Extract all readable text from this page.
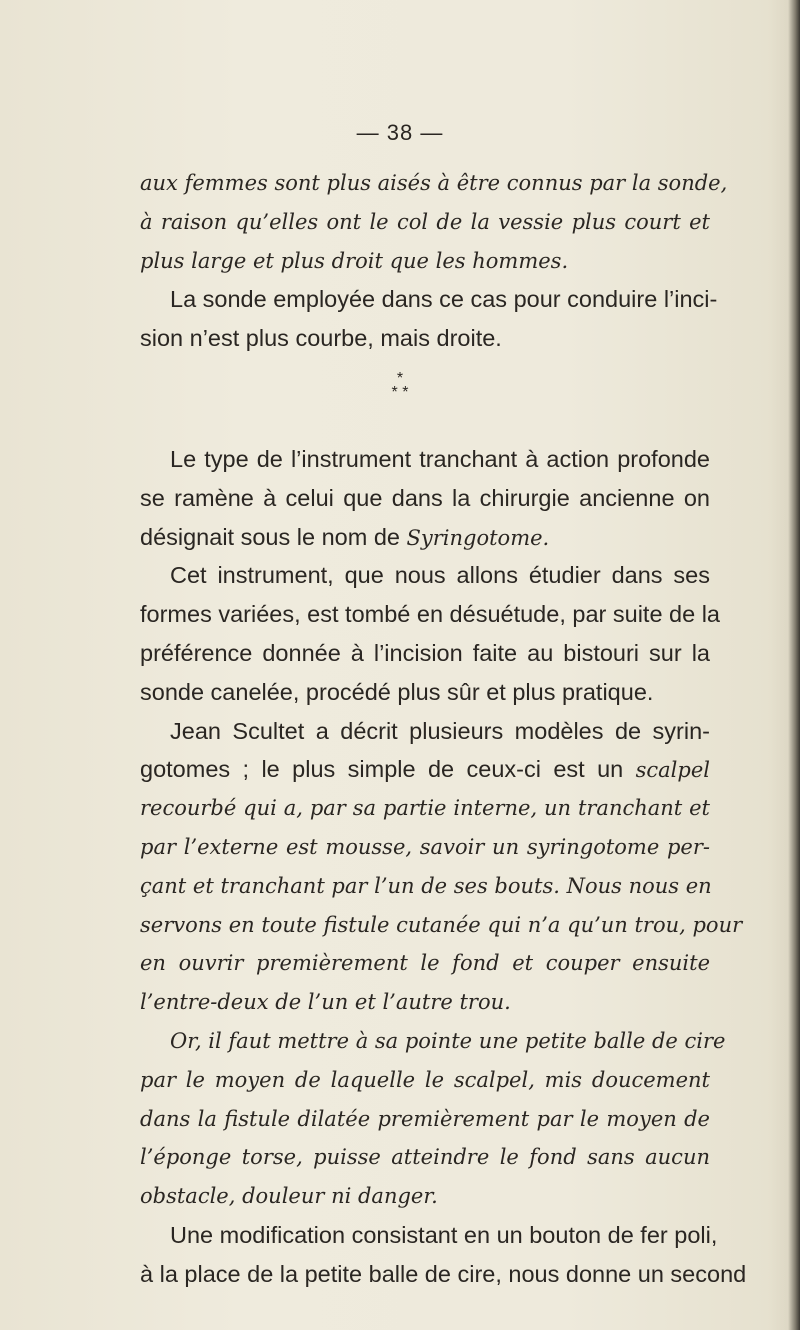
— 38 —
aux femmes sont plus aisés à être connus par la sonde,
à raison qu’elles ont le col de la vessie plus court et
plus large et plus droit que les hommes.
La sonde employée dans ce cas pour conduire l’inci-
sion n’est plus courbe, mais droite.
*
* *
Le type de l’instrument tranchant à action profonde
se ramène à celui que dans la chirurgie ancienne on
désignait sous le nom de Syringotome.
Cet instrument, que nous allons étudier dans ses
formes variées, est tombé en désuétude, par suite de la
préférence donnée à l’incision faite au bistouri sur la
sonde canelée, procédé plus sûr et plus pratique.
Jean Scultet a décrit plusieurs modèles de syrin-
gotomes ; le plus simple de ceux-ci est un scalpel
recourbé qui a, par sa partie interne, un tranchant et
par l’externe est mousse, savoir un syringotome per-
çant et tranchant par l’un de ses bouts. Nous nous en
servons en toute fistule cutanée qui n’a qu’un trou, pour
en ouvrir premièrement le fond et couper ensuite
l’entre-deux de l’un et l’autre trou.
Or, il faut mettre à sa pointe une petite balle de cire
par le moyen de laquelle le scalpel, mis doucement
dans la fistule dilatée premièrement par le moyen de
l’éponge torse, puisse atteindre le fond sans aucun
obstacle, douleur ni danger.
Une modification consistant en un bouton de fer poli,
à la place de la petite balle de cire, nous donne un second
